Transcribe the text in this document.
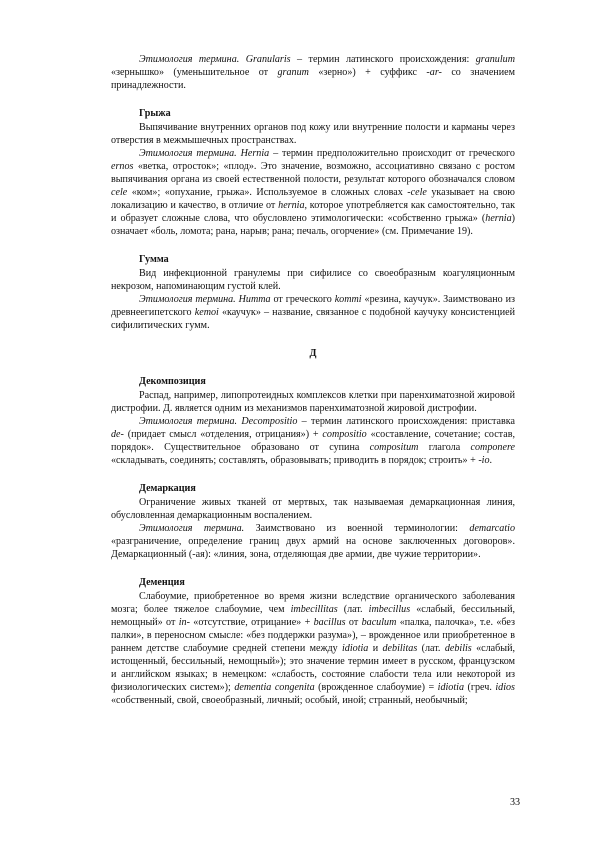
Этимология термина. Granularis – термин латинского происхождения: granulum «зернышко» (уменьшительное от granum «зерно») + суффикс -ar- со значением принадлежности.

Грыжа

Выпячивание внутренних органов под кожу или внутренние полости и карманы через отверстия в межмышечных пространствах.

Этимология термина. Hernia – термин предположительно происходит от греческого ernos «ветка, отросток»; «плод». Это значение, возможно, ассоциативно связано с ростом выпячивания органа из своей естественной полости, результат которого обозначался словом cele «ком»; «опухание, грыжа». Используемое в сложных словах -cele указывает на свою локализацию и качество, в отличие от hernia, которое употребляется как самостоятельно, так и образует сложные слова, что обусловлено этимологически: «собственно грыжа» (hernia) означает «боль, ломота; рана, нарыв; рана; печаль, огорчение» (см. Примечание 19).

Гумма

Вид инфекционной гранулемы при сифилисе со своеобразным коагуляционным некрозом, напоминающим густой клей.

Этимология термина. Humma от греческого kommi «резина, каучук». Заимствовано из древнеегипетского kemoi «каучук» – название, связанное с подобной каучуку консистенцией сифилитических гумм.

Д

Декомпозиция

Распад, например, липопротеидных комплексов клетки при паренхиматозной жировой дистрофии. Д. является одним из механизмов паренхиматозной жировой дистрофии.

Этимология термина. Decompositio – термин латинского происхождения: приставка de- (придает смысл «отделения, отрицания») + compositio «составление, сочетание; состав, порядок». Существительное образовано от супина compositum глагола componere «складывать, соединять; составлять, образовывать; приводить в порядок; строить» + -io.

Демаркация

Ограничение живых тканей от мертвых, так называемая демаркационная линия, обусловленная демаркационным воспалением.

Этимология термина. Заимствовано из военной терминологии: demarcatio «разграничение, определение границ двух армий на основе заключенных договоров». Демаркационный (-ая): «линия, зона, отделяющая две армии, две чужие территории».

Деменция

Слабоумие, приобретенное во время жизни вследствие органического заболевания мозга; более тяжелое слабоумие, чем imbecillitas (лат. imbecillus «слабый, бессильный, немощный» от in- «отсутствие, отрицание» + bacillus от baculum «палка, палочка», т.е. «без палки», в переносном смысле: «без поддержки разума»), – врожденное или приобретенное в раннем детстве слабоумие средней степени между idiotia и debilitas (лат. debilis «слабый, истощенный, бессильный, немощный»); это значение термин имеет в русском, французском и английском языках; в немецком: «слабость, состояние слабости тела или некоторой из физиологических систем»); dementia congenita (врожденное слабоумие) = idiotia (греч. idios «собственный, свой, своеобразный, личный; особый, иной; странный, необычный;

33
